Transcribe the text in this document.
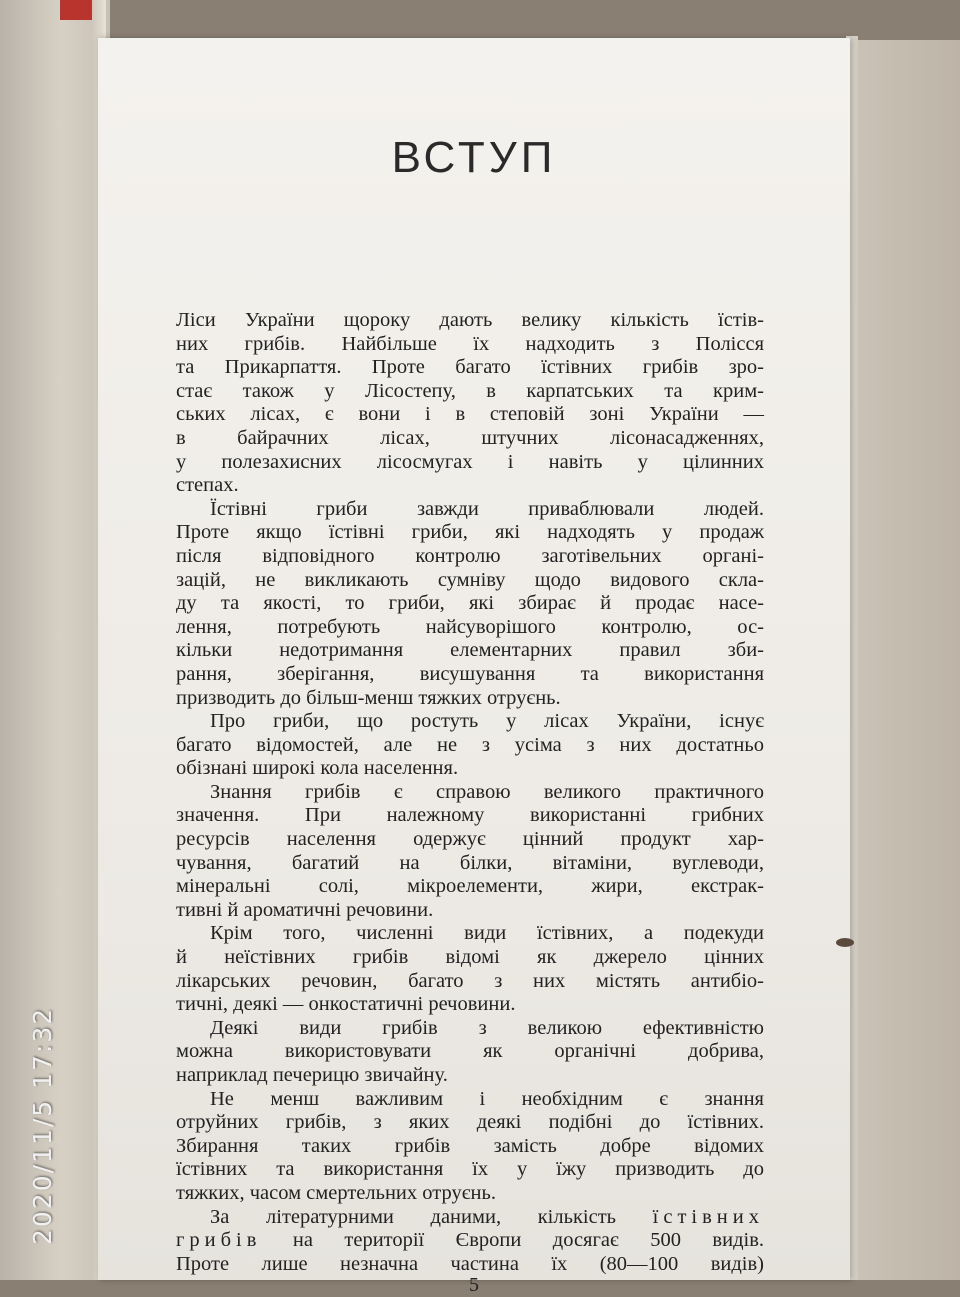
ВСТУП
Ліси України щороку дають велику кількість їстів-
них грибів. Найбільше їх надходить з Полісся
та Прикарпаття. Проте багато їстівних грибів зро-
стає також у Лісостепу, в карпатських та крим-
ських лісах, є вони і в степовій зоні України —
в байрачних лісах, штучних лісонасадженнях,
у полезахисних лісосмугах і навіть у цілинних
степах.
Їстівні гриби завжди приваблювали людей.
Проте якщо їстівні гриби, які надходять у продаж
після відповідного контролю заготівельних органі-
зацій, не викликають сумніву щодо видового скла-
ду та якості, то гриби, які збирає й продає насе-
лення, потребують найсуворішого контролю, ос-
кільки недотримання елементарних правил зби-
рання, зберігання, висушування та використання
призводить до більш-менш тяжких отруєнь.
Про гриби, що ростуть у лісах України, існує
багато відомостей, але не з усіма з них достатньо
обізнані широкі кола населення.
Знання грибів є справою великого практичного
значення. При належному використанні грибних
ресурсів населення одержує цінний продукт хар-
чування, багатий на білки, вітаміни, вуглеводи,
мінеральні солі, мікроелементи, жири, екстрак-
тивні й ароматичні речовини.
Крім того, численні види їстівних, а подекуди
й неїстівних грибів відомі як джерело цінних
лікарських речовин, багато з них містять антибіо-
тичні, деякі — онкостатичні речовини.
Деякі види грибів з великою ефективністю
можна використовувати як органічні добрива,
наприклад печерицю звичайну.
Не менш важливим і необхідним є знання
отруйних грибів, з яких деякі подібні до їстівних.
Збирання таких грибів замість добре відомих
їстівних та використання їх у їжу призводить до
тяжких, часом смертельних отруєнь.
За літературними даними, кількість їстівних
грибів на території Європи досягає 500 видів.
Проте лише незначна частина їх (80—100 видів)
5
2020/11/5 17:32
